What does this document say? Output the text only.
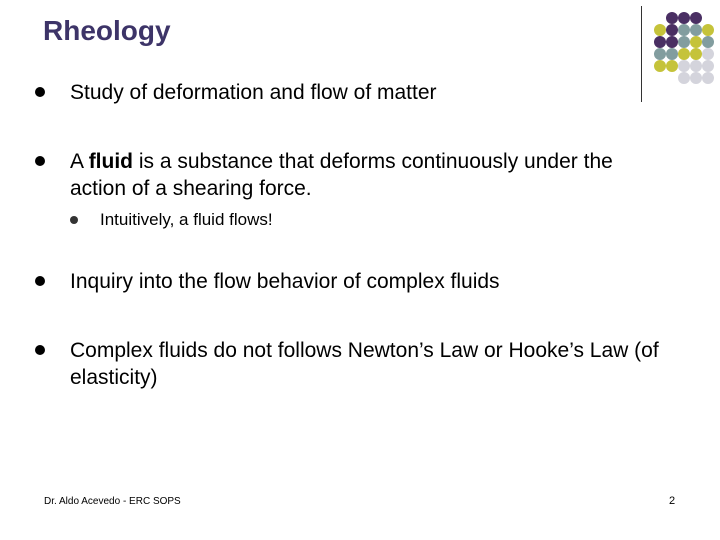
Rheology
Study of deformation and flow of matter
A fluid is a substance that deforms continuously under the action of a shearing force.
Intuitively, a fluid flows!
Inquiry into the flow behavior of complex fluids
Complex fluids do not follows Newton’s Law or Hooke’s Law (of elasticity)
Dr. Aldo Acevedo - ERC SOPS	2
